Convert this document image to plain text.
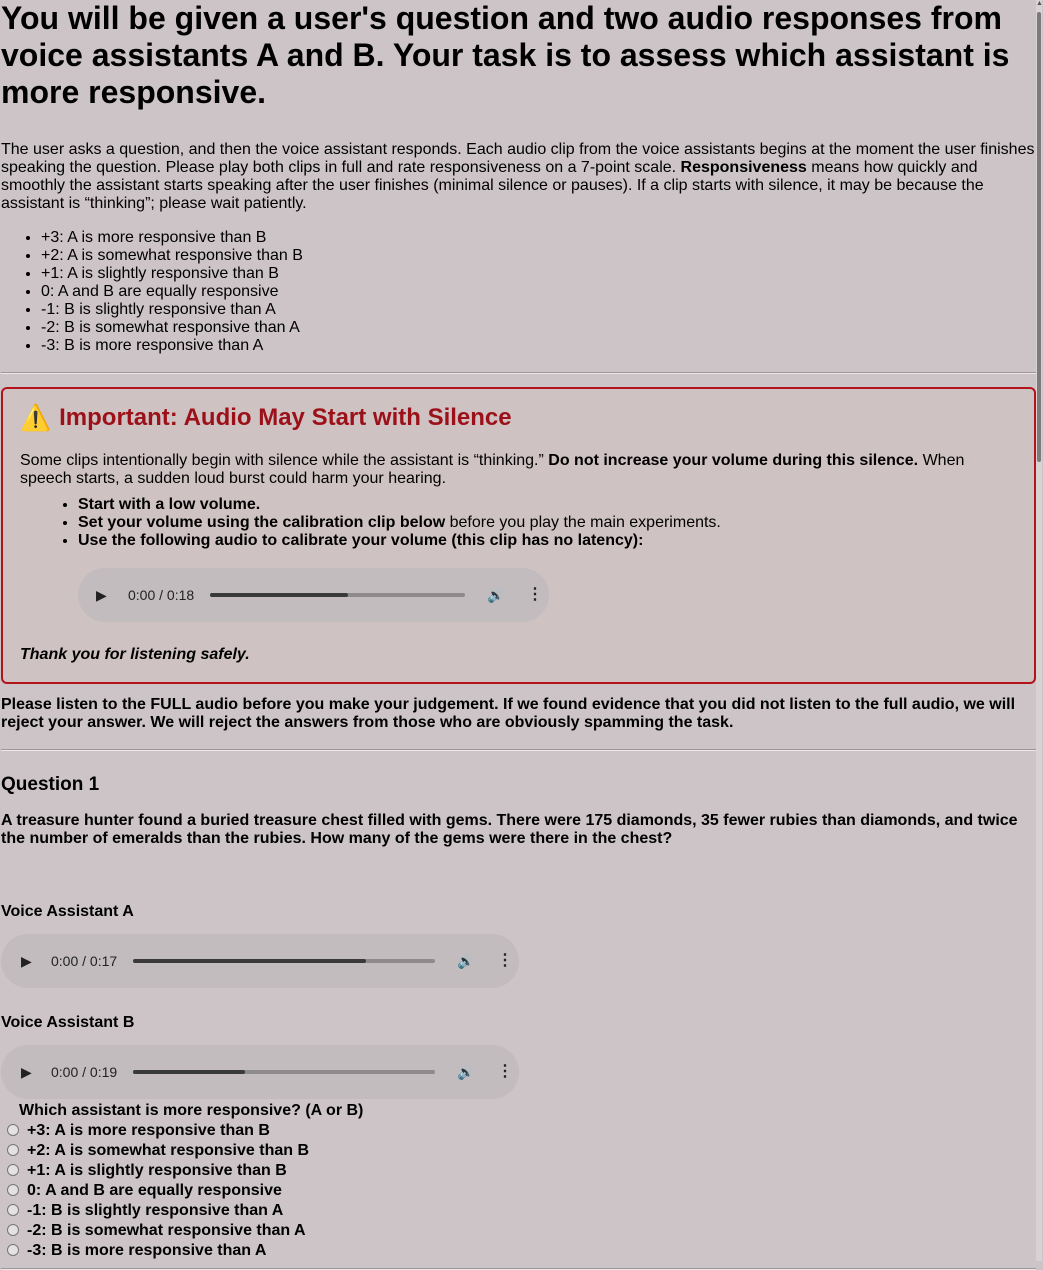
▲
You will be given a user's question and two audio responses from voice assistants A and B. Your task is to assess which assistant is more responsive.

The user asks a question, and then the voice assistant responds. Each audio clip from the voice assistants begins at the moment the user finishes speaking the question. Please play both clips in full and rate responsiveness on a 7-point scale. Responsiveness means how quickly and smoothly the assistant starts speaking after the user finishes (minimal silence or pauses). If a clip starts with silence, it may be because the assistant is “thinking”; please wait patiently.

• +3: A is more responsive than B
• +2: A is somewhat responsive than B
• +1: A is slightly responsive than B
• 0: A and B are equally responsive
• -1: B is slightly responsive than A
• -2: B is somewhat responsive than A
• -3: B is more responsive than A
⚠️ Important: Audio May Start with Silence

Some clips intentionally begin with silence while the assistant is “thinking.” Do not increase your volume during this silence. When speech starts, a sudden loud burst could harm your hearing.

• Start with a low volume.
• Set your volume using the calibration clip below before you play the main experiments.
• Use the following audio to calibrate your volume (this clip has no latency):
▶	0:00 / 0:18	🔊 ⋮

Thank you for listening safely.

Please listen to the FULL audio before you make your judgement. If we found evidence that you did not listen to the full audio, we will reject your answer. We will reject the answers from those who are obviously spamming the task.

Question 1

A treasure hunter found a buried treasure chest filled with gems. There were 175 diamonds, 35 fewer rubies than diamonds, and twice the number of emeralds than the rubies. How many of the gems were there in the chest?

Voice Assistant A

▶	0:00 / 0:17	🔊 ⋮

Voice Assistant B

▶	0:00 / 0:19	🔊 ⋮
Which assistant is more responsive? (A or B)
+3: A is more responsive than B
+2: A is somewhat responsive than B
+1: A is slightly responsive than B
0: A and B are equally responsive
-1: B is slightly responsive than A
-2: B is somewhat responsive than A
-3: B is more responsive than A
